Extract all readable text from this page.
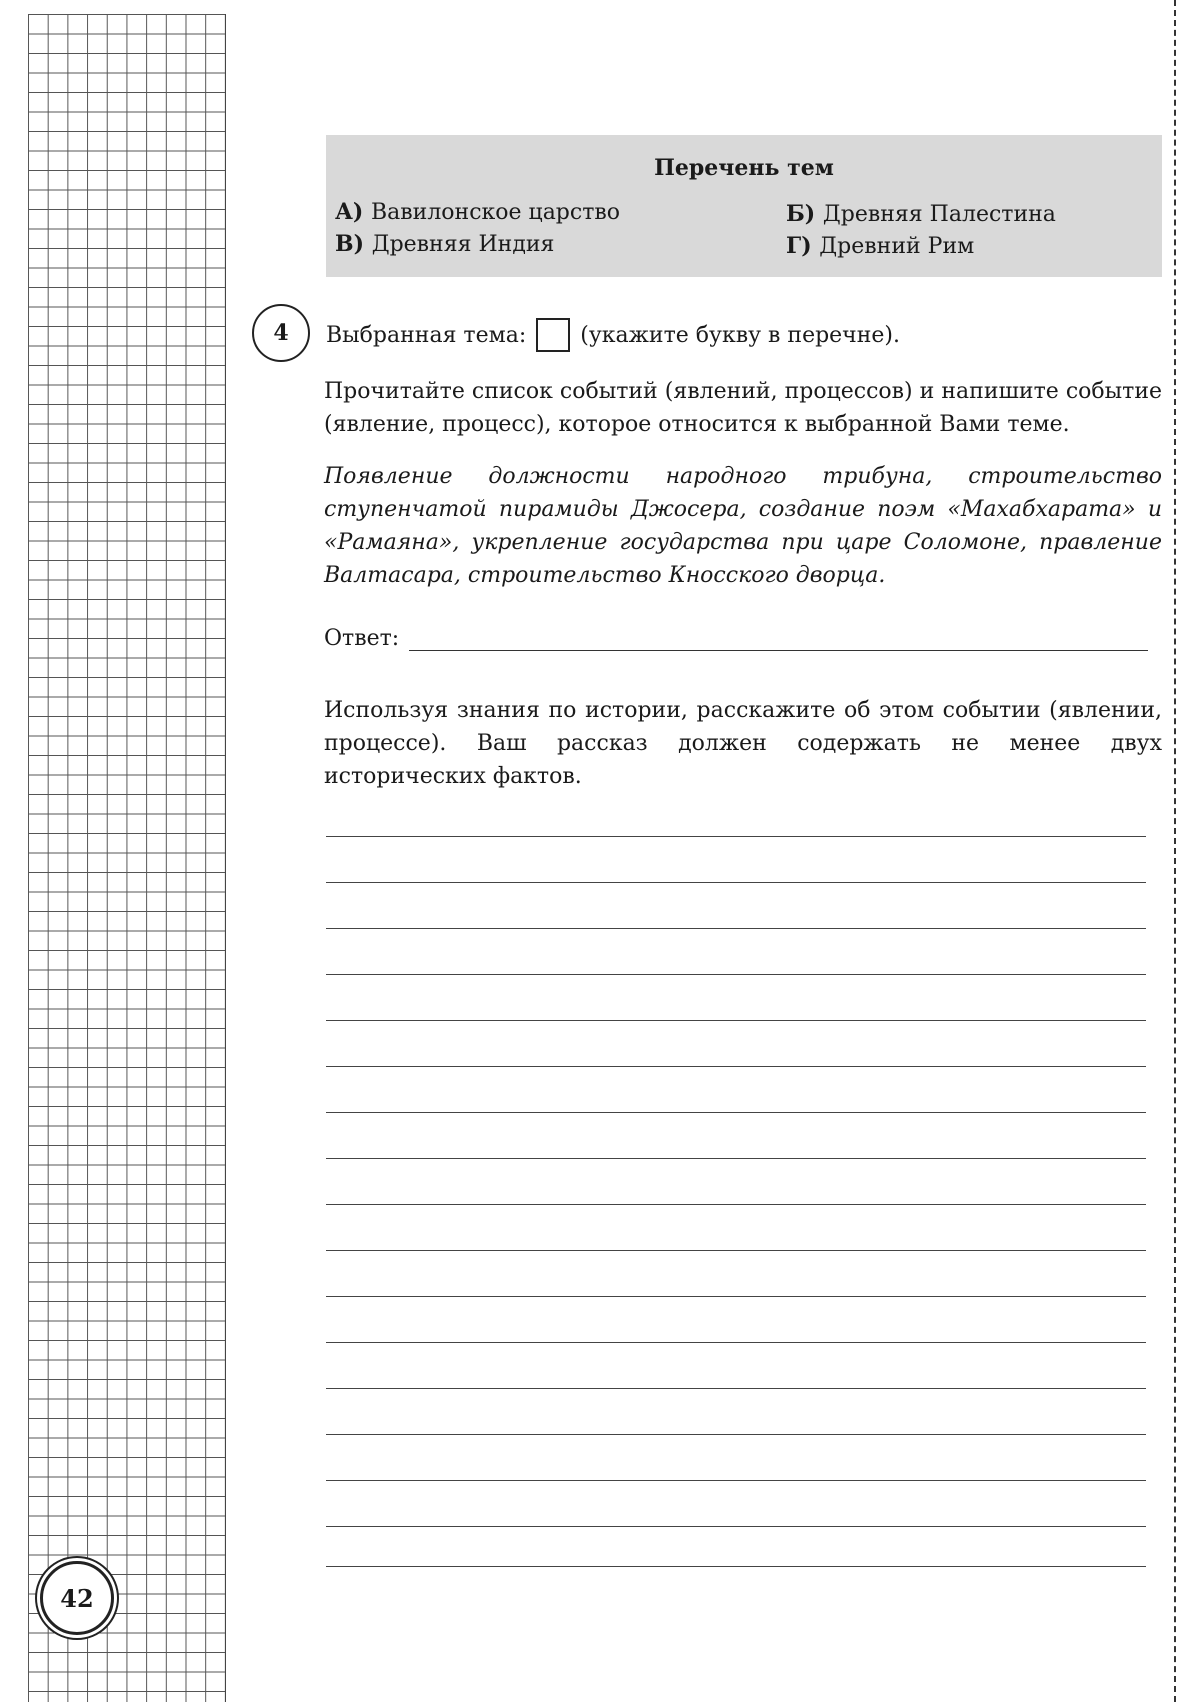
42
Перечень тем
А) Вавилонское царство	Б) Древняя Палестина
В) Древняя Индия	Г) Древний Рим
4	Выбранная тема: (укажите букву в перечне).
Прочитайте список событий (явлений, процессов) и напишите событие (явление, процесс), которое относится к выбранной Вами теме.
Появление должности народного трибуна, строительство ступенчатой пирамиды Джосера, создание поэм «Махабхарата» и «Рамаяна», укрепление государства при царе Соломоне, правление Валтасара, строительство Кносского дворца.
Ответ:
Используя знания по истории, расскажите об этом событии (явлении, процессе). Ваш рассказ должен содержать не менее двух исторических фактов.
